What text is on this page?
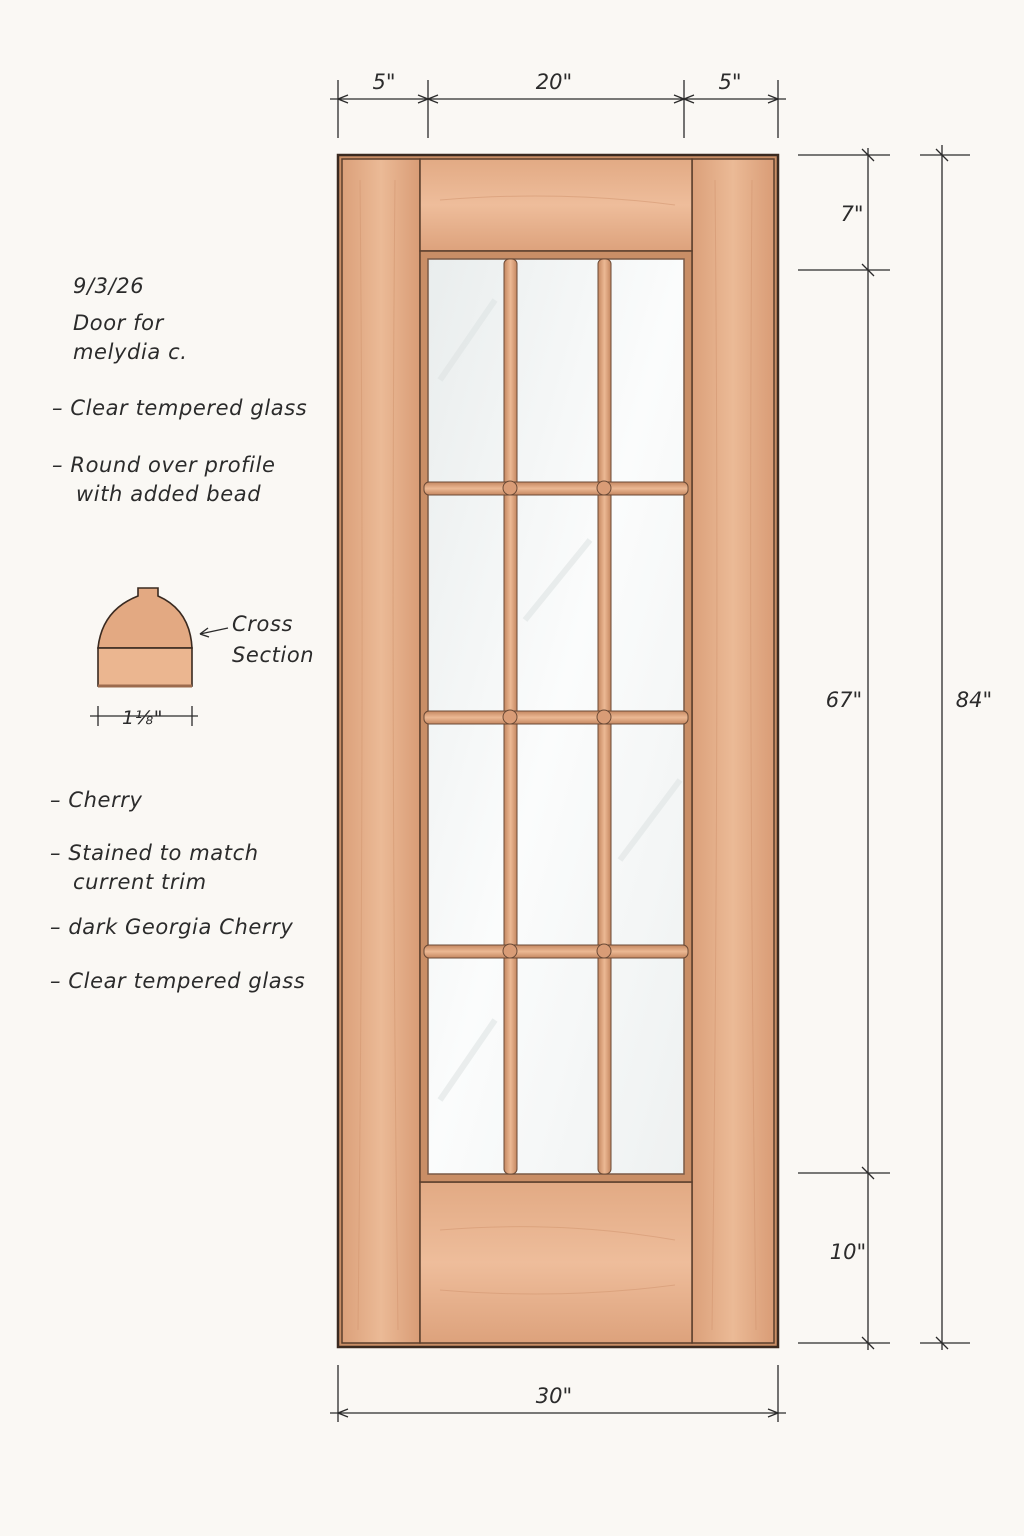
9/3/26
Door for
melydia c.
– Clear tempered glass
– Round over profile
with added bead
Cross
Section
1⅛"
– Cherry
– Stained to match
current trim
– dark Georgia Cherry
– Clear tempered glass
5"	20"	5"
7"
67"
10"
84"
30"
